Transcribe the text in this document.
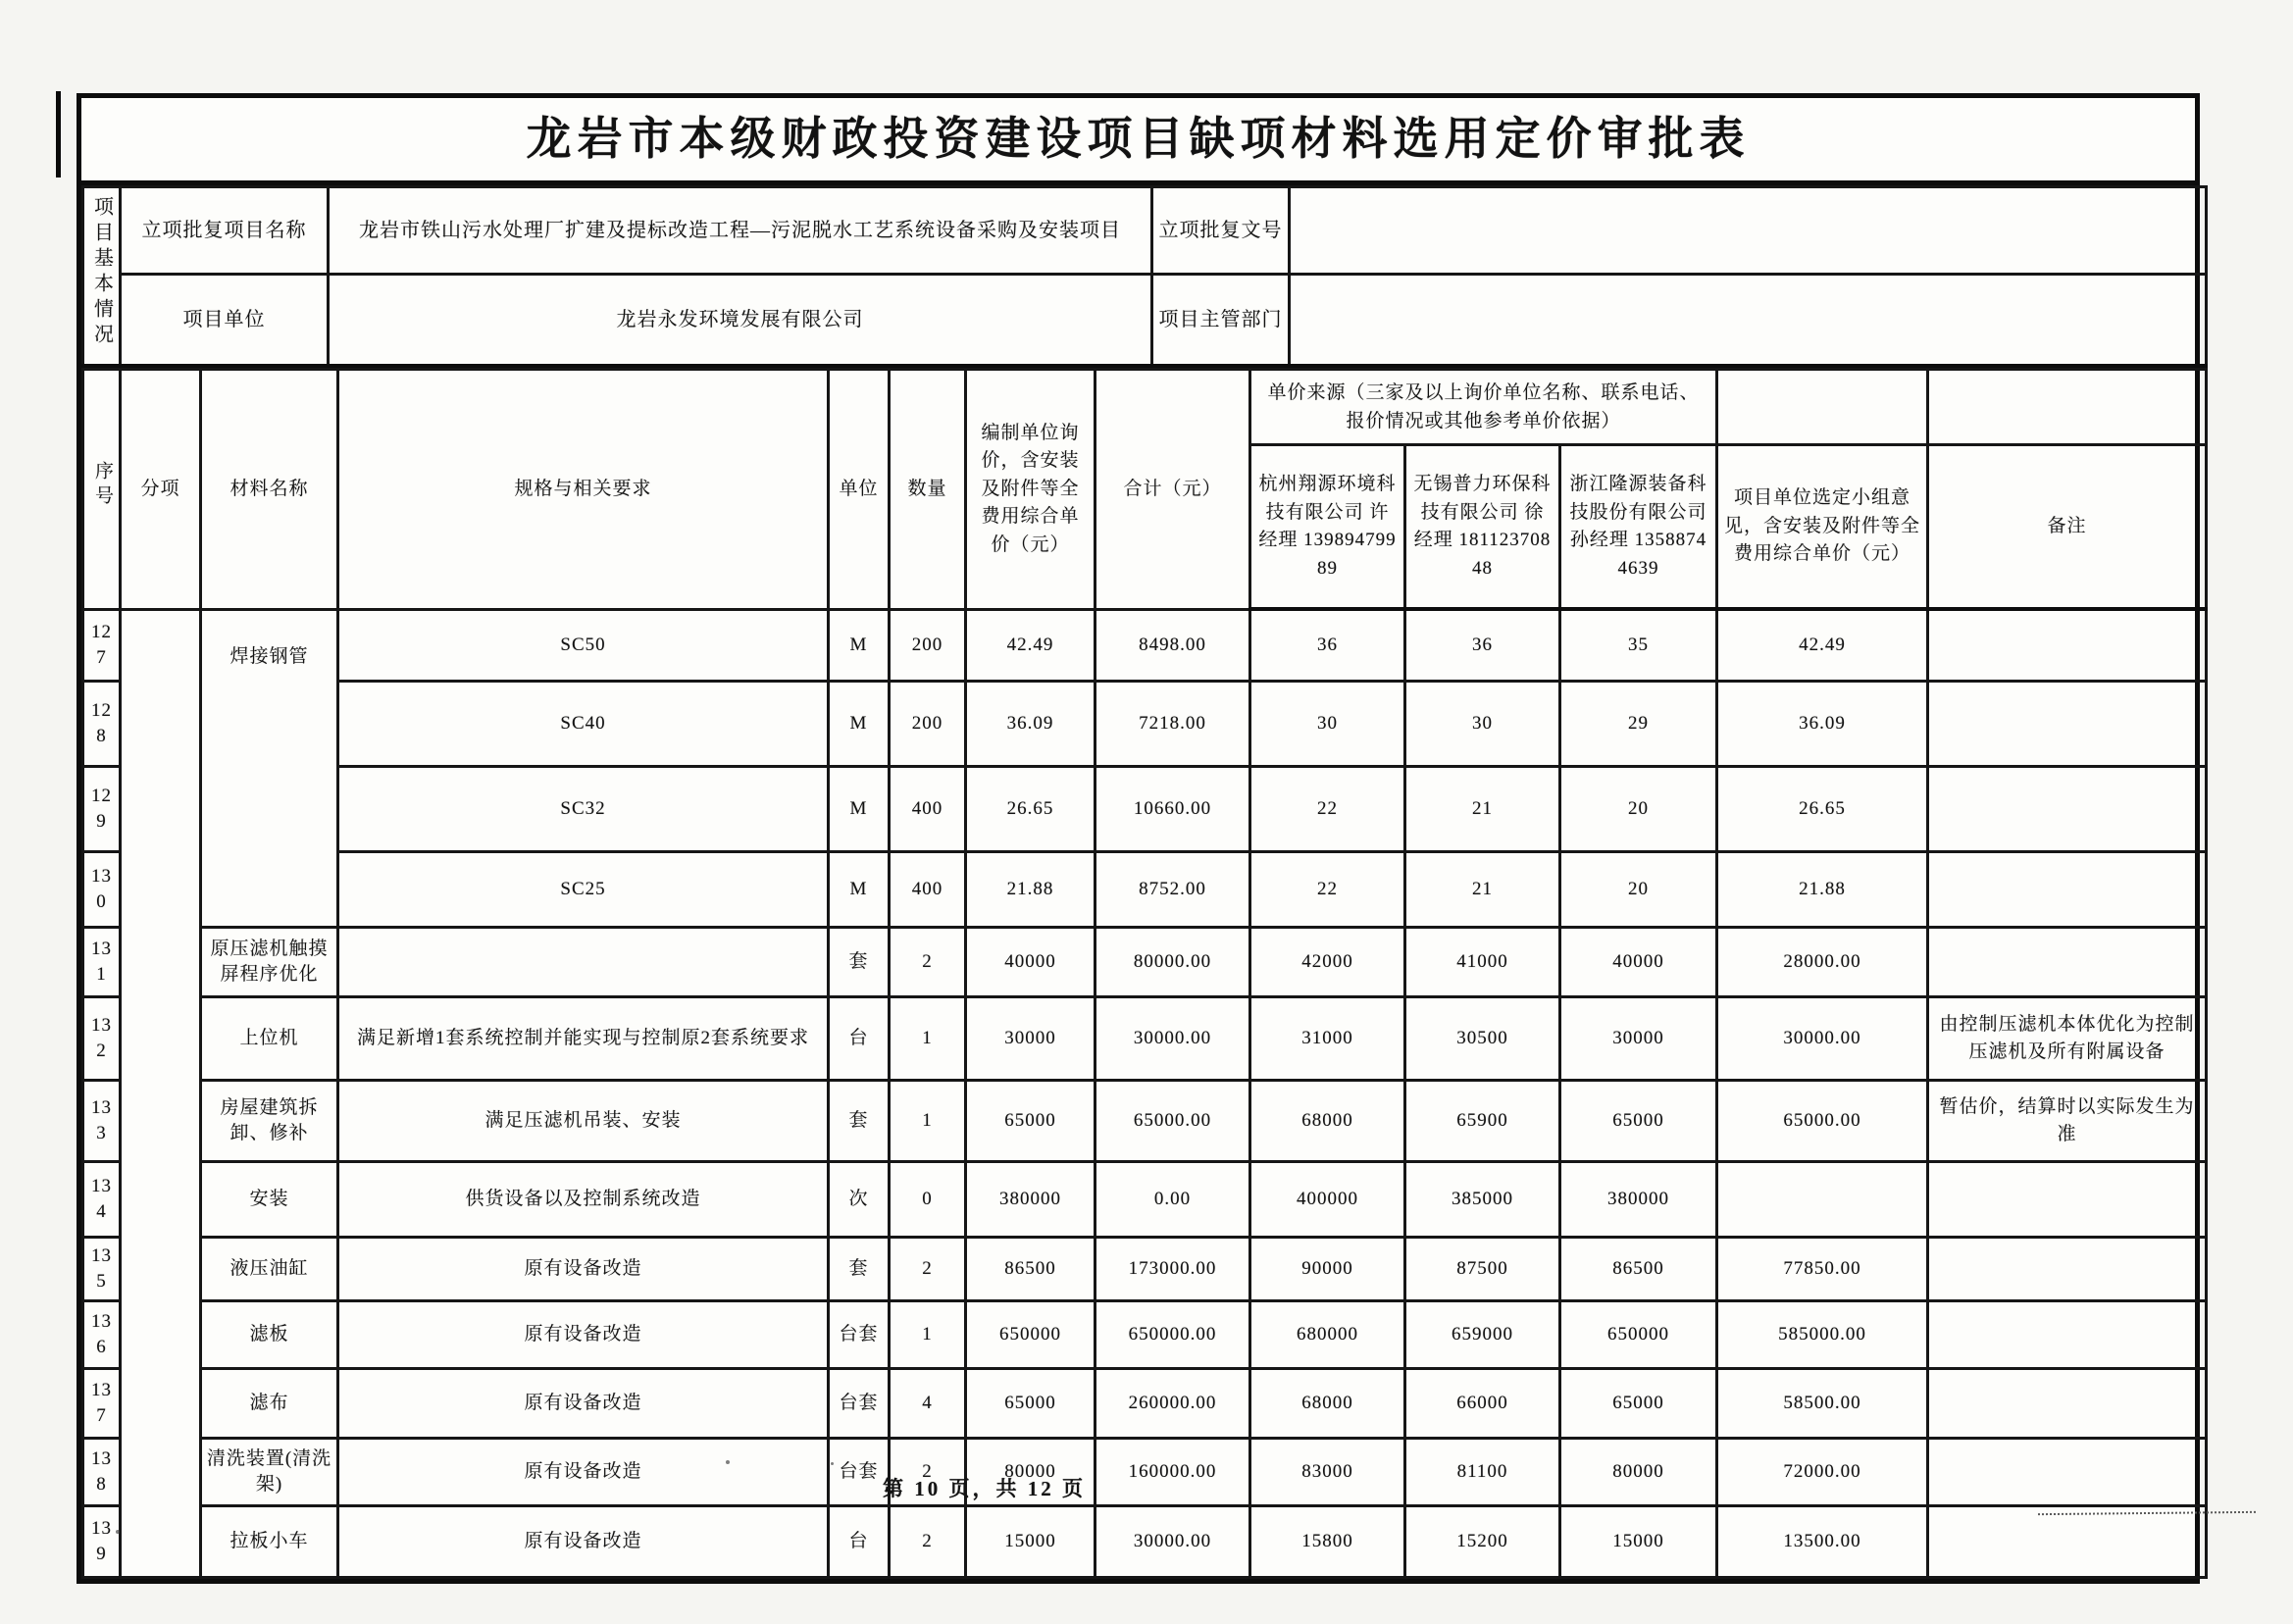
龙岩市本级财政投资建设项目缺项材料选用定价审批表
项目基本情况	立项批复项目名称	龙岩市铁山污水处理厂扩建及提标改造工程—污泥脱水工艺系统设备采购及安装项目	立项批复文号	
	项目单位	龙岩永发环境发展有限公司	项目主管部门	
序号	分项	材料名称	规格与相关要求	单位	数量	编制单位询价，含安装及附件等全费用综合单价（元）	合计（元）	单价来源（三家及以上询价单位名称、联系电话、报价情况或其他参考单价依据）				
								杭州翔源环境科技有限公司 许经理 13989479989	无锡普力环保科技有限公司 徐经理 18112370848	浙江隆源装备科技股份有限公司 孙经理 13588744639	项目单位选定小组意见，含安装及附件等全费用综合单价（元）	备注
127		焊接钢管	SC50	M	200	42.49	8498.00	36	36	35	42.49	
128			SC40	M	200	36.09	7218.00	30	30	29	36.09	
129			SC32	M	400	26.65	10660.00	22	21	20	26.65	
130			SC25	M	400	21.88	8752.00	22	21	20	21.88	
131		原压滤机触摸屏程序优化		套	2	40000	80000.00	42000	41000	40000	28000.00	
132		上位机	满足新增1套系统控制并能实现与控制原2套系统要求	台	1	30000	30000.00	31000	30500	30000	30000.00	由控制压滤机本体优化为控制压滤机及所有附属设备
133		房屋建筑拆卸、修补	满足压滤机吊装、安装	套	1	65000	65000.00	68000	65900	65000	65000.00	暂估价，结算时以实际发生为准
134		安装	供货设备以及控制系统改造	次	0	380000	0.00	400000	385000	380000		
135		液压油缸	原有设备改造	套	2	86500	173000.00	90000	87500	86500	77850.00	
136		滤板	原有设备改造	台套	1	650000	650000.00	680000	659000	650000	585000.00	
137		滤布	原有设备改造	台套	4	65000	260000.00	68000	66000	65000	58500.00	
138		清洗装置(清洗架)	原有设备改造	台套	2	80000	160000.00	83000	81100	80000	72000.00	
139		拉板小车	原有设备改造	台	2	15000	30000.00	15800	15200	15000	13500.00	
第 10 页，共 12 页
